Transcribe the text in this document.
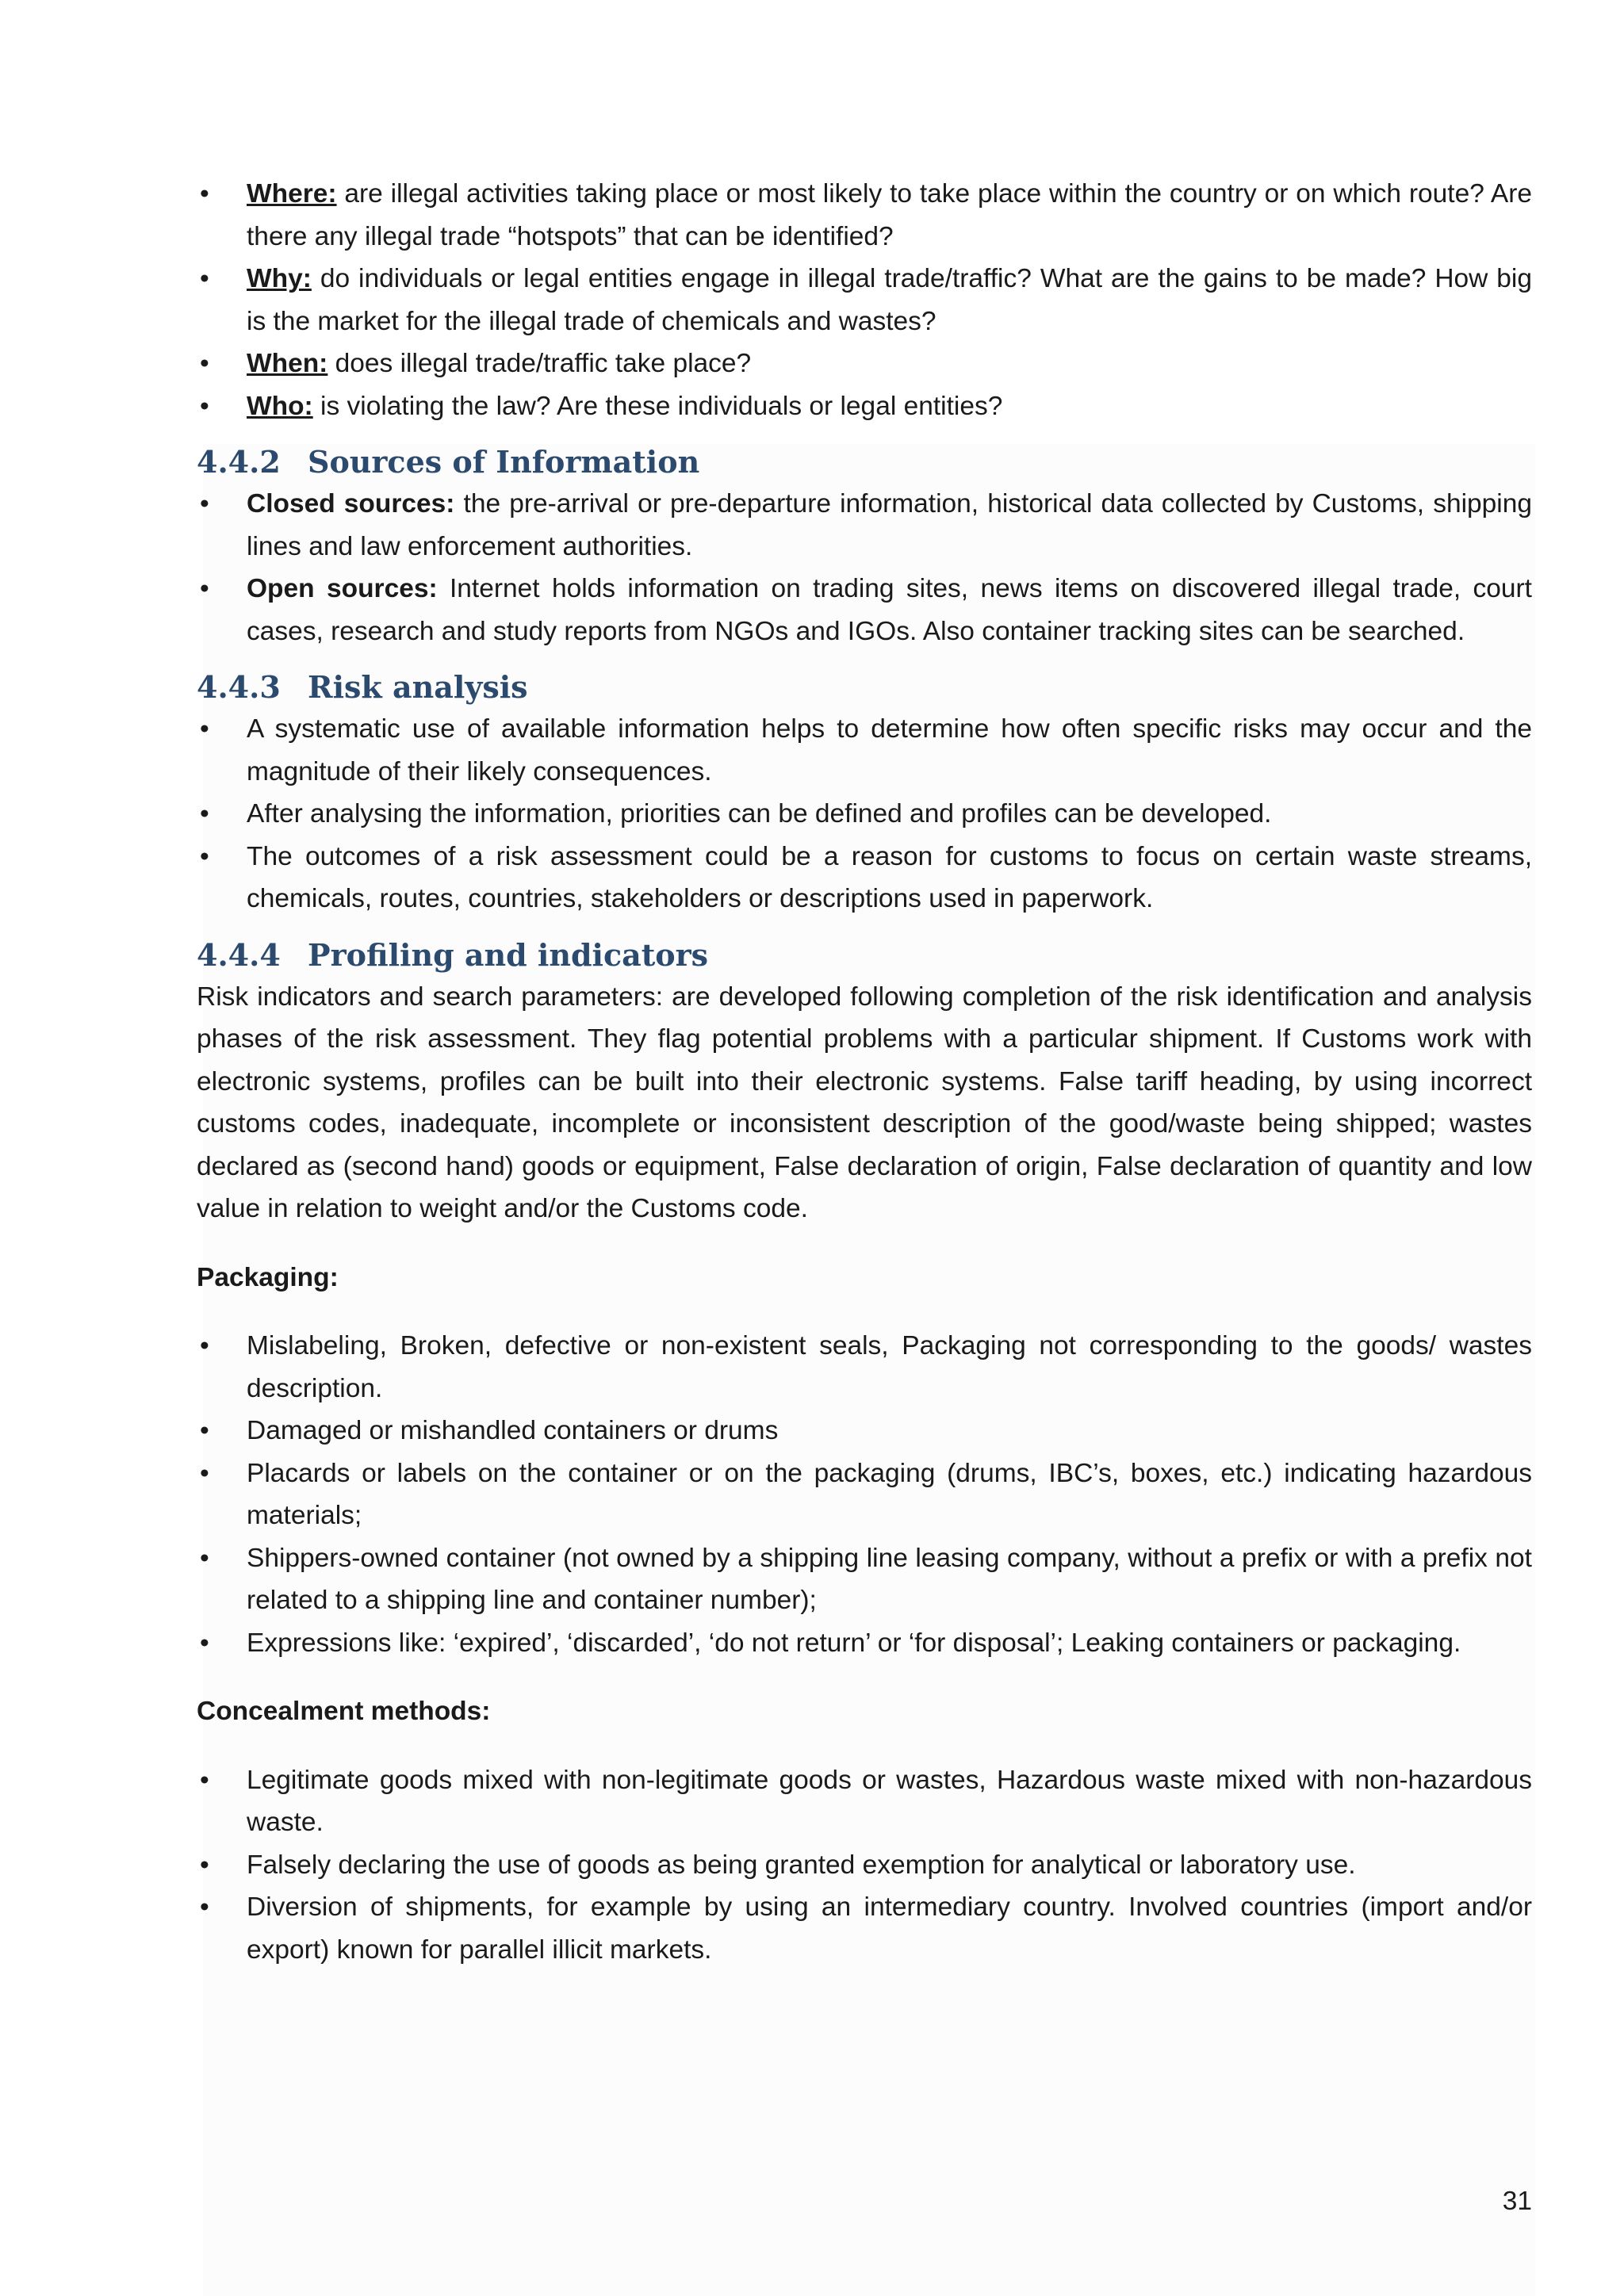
• Where: are illegal activities taking place or most likely to take place within the country or on which route? Are there any illegal trade “hotspots” that can be identified?
• Why: do individuals or legal entities engage in illegal trade/traffic? What are the gains to be made? How big is the market for the illegal trade of chemicals and wastes?
• When: does illegal trade/traffic take place?
• Who: is violating the law? Are these individuals or legal entities?
4.4.2 Sources of Information
• Closed sources: the pre-arrival or pre-departure information, historical data collected by Customs, shipping lines and law enforcement authorities.
• Open sources: Internet holds information on trading sites, news items on discovered illegal trade, court cases, research and study reports from NGOs and IGOs. Also container tracking sites can be searched.
4.4.3 Risk analysis
• A systematic use of available information helps to determine how often specific risks may occur and the magnitude of their likely consequences.
• After analysing the information, priorities can be defined and profiles can be developed.
• The outcomes of a risk assessment could be a reason for customs to focus on certain waste streams, chemicals, routes, countries, stakeholders or descriptions used in paperwork.
4.4.4 Profiling and indicators

Risk indicators and search parameters: are developed following completion of the risk identification and analysis phases of the risk assessment. They flag potential problems with a particular shipment. If Customs work with electronic systems, profiles can be built into their electronic systems. False tariff heading, by using incorrect customs codes, inadequate, incomplete or inconsistent description of the good/waste being shipped; wastes declared as (second hand) goods or equipment, False declaration of origin, False declaration of quantity and low value in relation to weight and/or the Customs code.

Packaging:

• Mislabeling, Broken, defective or non-existent seals, Packaging not corresponding to the goods/ wastes description.
• Damaged or mishandled containers or drums
• Placards or labels on the container or on the packaging (drums, IBC’s, boxes, etc.) indicating hazardous materials;
• Shippers-owned container (not owned by a shipping line leasing company, without a prefix or with a prefix not related to a shipping line and container number);
• Expressions like: ‘expired’, ‘discarded’, ‘do not return’ or ‘for disposal’; Leaking containers or packaging.

Concealment methods:

• Legitimate goods mixed with non-legitimate goods or wastes, Hazardous waste mixed with non-hazardous waste.
• Falsely declaring the use of goods as being granted exemption for analytical or laboratory use.
• Diversion of shipments, for example by using an intermediary country. Involved countries (import and/or export) known for parallel illicit markets.
31
